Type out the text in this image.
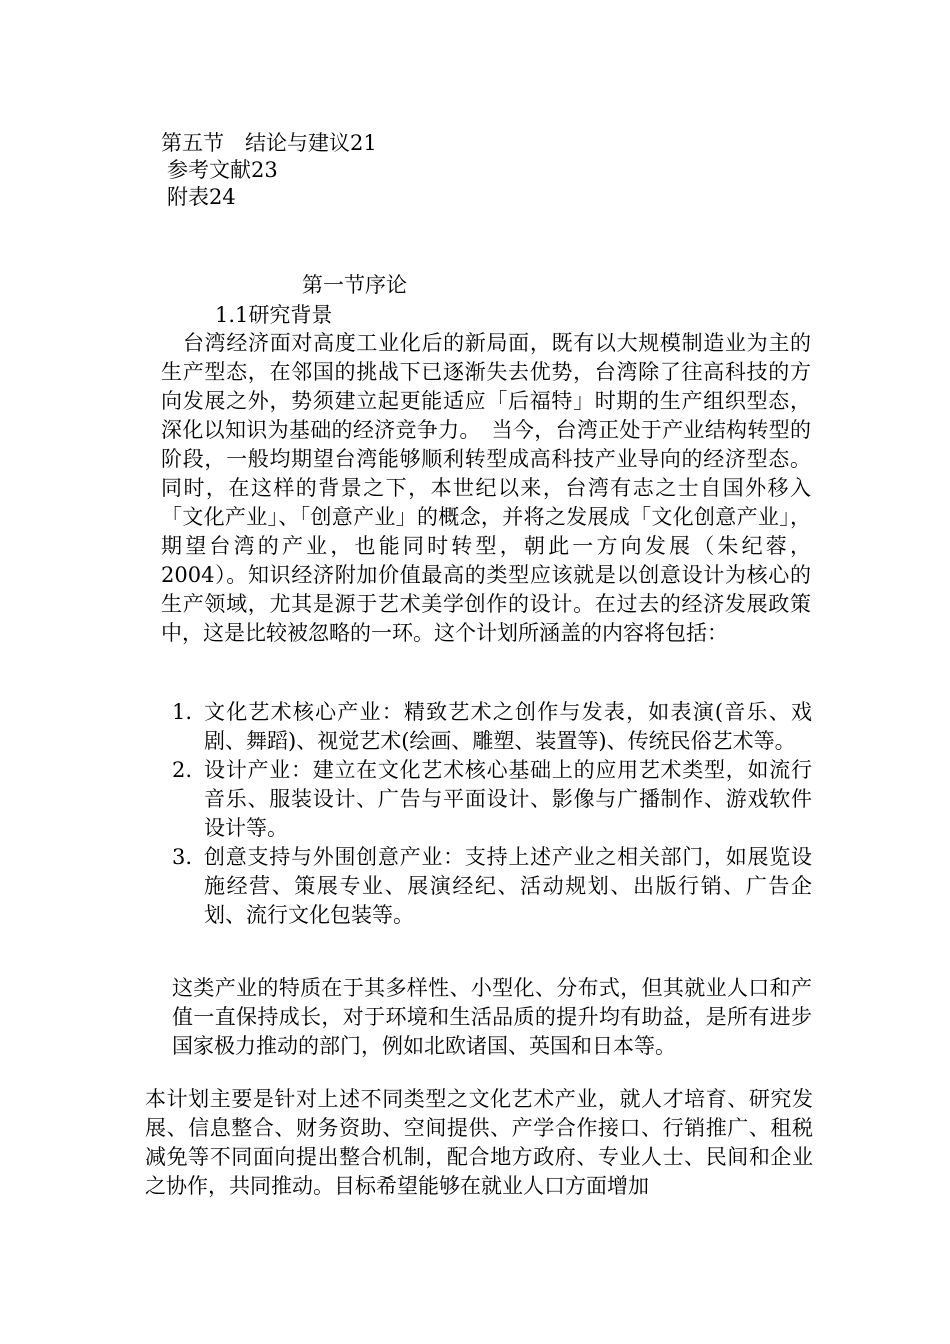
第五节　结论与建议21
参考文献23
附表24
第一节序论
1.1研究背景

台湾经济面对高度工业化后的新局面，既有以大规模制造业为主的生产型态，在邻国的挑战下已逐渐失去优势，台湾除了往高科技的方向发展之外，势须建立起更能适应「后福特」时期的生产组织型态，深化以知识为基础的经济竞争力。　当今，台湾正处于产业结构转型的阶段，一般均期望台湾能够顺利转型成高科技产业导向的经济型态。同时，在这样的背景之下，本世纪以来，台湾有志之士自国外移入「文化产业」、「创意产业」的概念，并将之发展成「文化创意产业」，期望台湾的产业，也能同时转型，朝此一方向发展（朱纪蓉，2004）。知识经济附加价值最高的类型应该就是以创意设计为核心的生产领域，尤其是源于艺术美学创作的设计。在过去的经济发展政策中，这是比较被忽略的一环。这个计划所涵盖的内容将包括：

1. 文化艺术核心产业：精致艺术之创作与发表，如表演(音乐、戏剧、舞蹈)、视觉艺术(绘画、雕塑、装置等)、传统民俗艺术等。
2. 设计产业：建立在文化艺术核心基础上的应用艺术类型，如流行音乐、服装设计、广告与平面设计、影像与广播制作、游戏软件设计等。
3. 创意支持与外围创意产业：支持上述产业之相关部门，如展览设施经营、策展专业、展演经纪、活动规划、出版行销、广告企划、流行文化包装等。

这类产业的特质在于其多样性、小型化、分布式，但其就业人口和产值一直保持成长，对于环境和生活品质的提升均有助益，是所有进步国家极力推动的部门，例如北欧诸国、英国和日本等。

本计划主要是针对上述不同类型之文化艺术产业，就人才培育、研究发展、信息整合、财务资助、空间提供、产学合作接口、行销推广、租税减免等不同面向提出整合机制，配合地方政府、专业人士、民间和企业之协作，共同推动。目标希望能够在就业人口方面增加
